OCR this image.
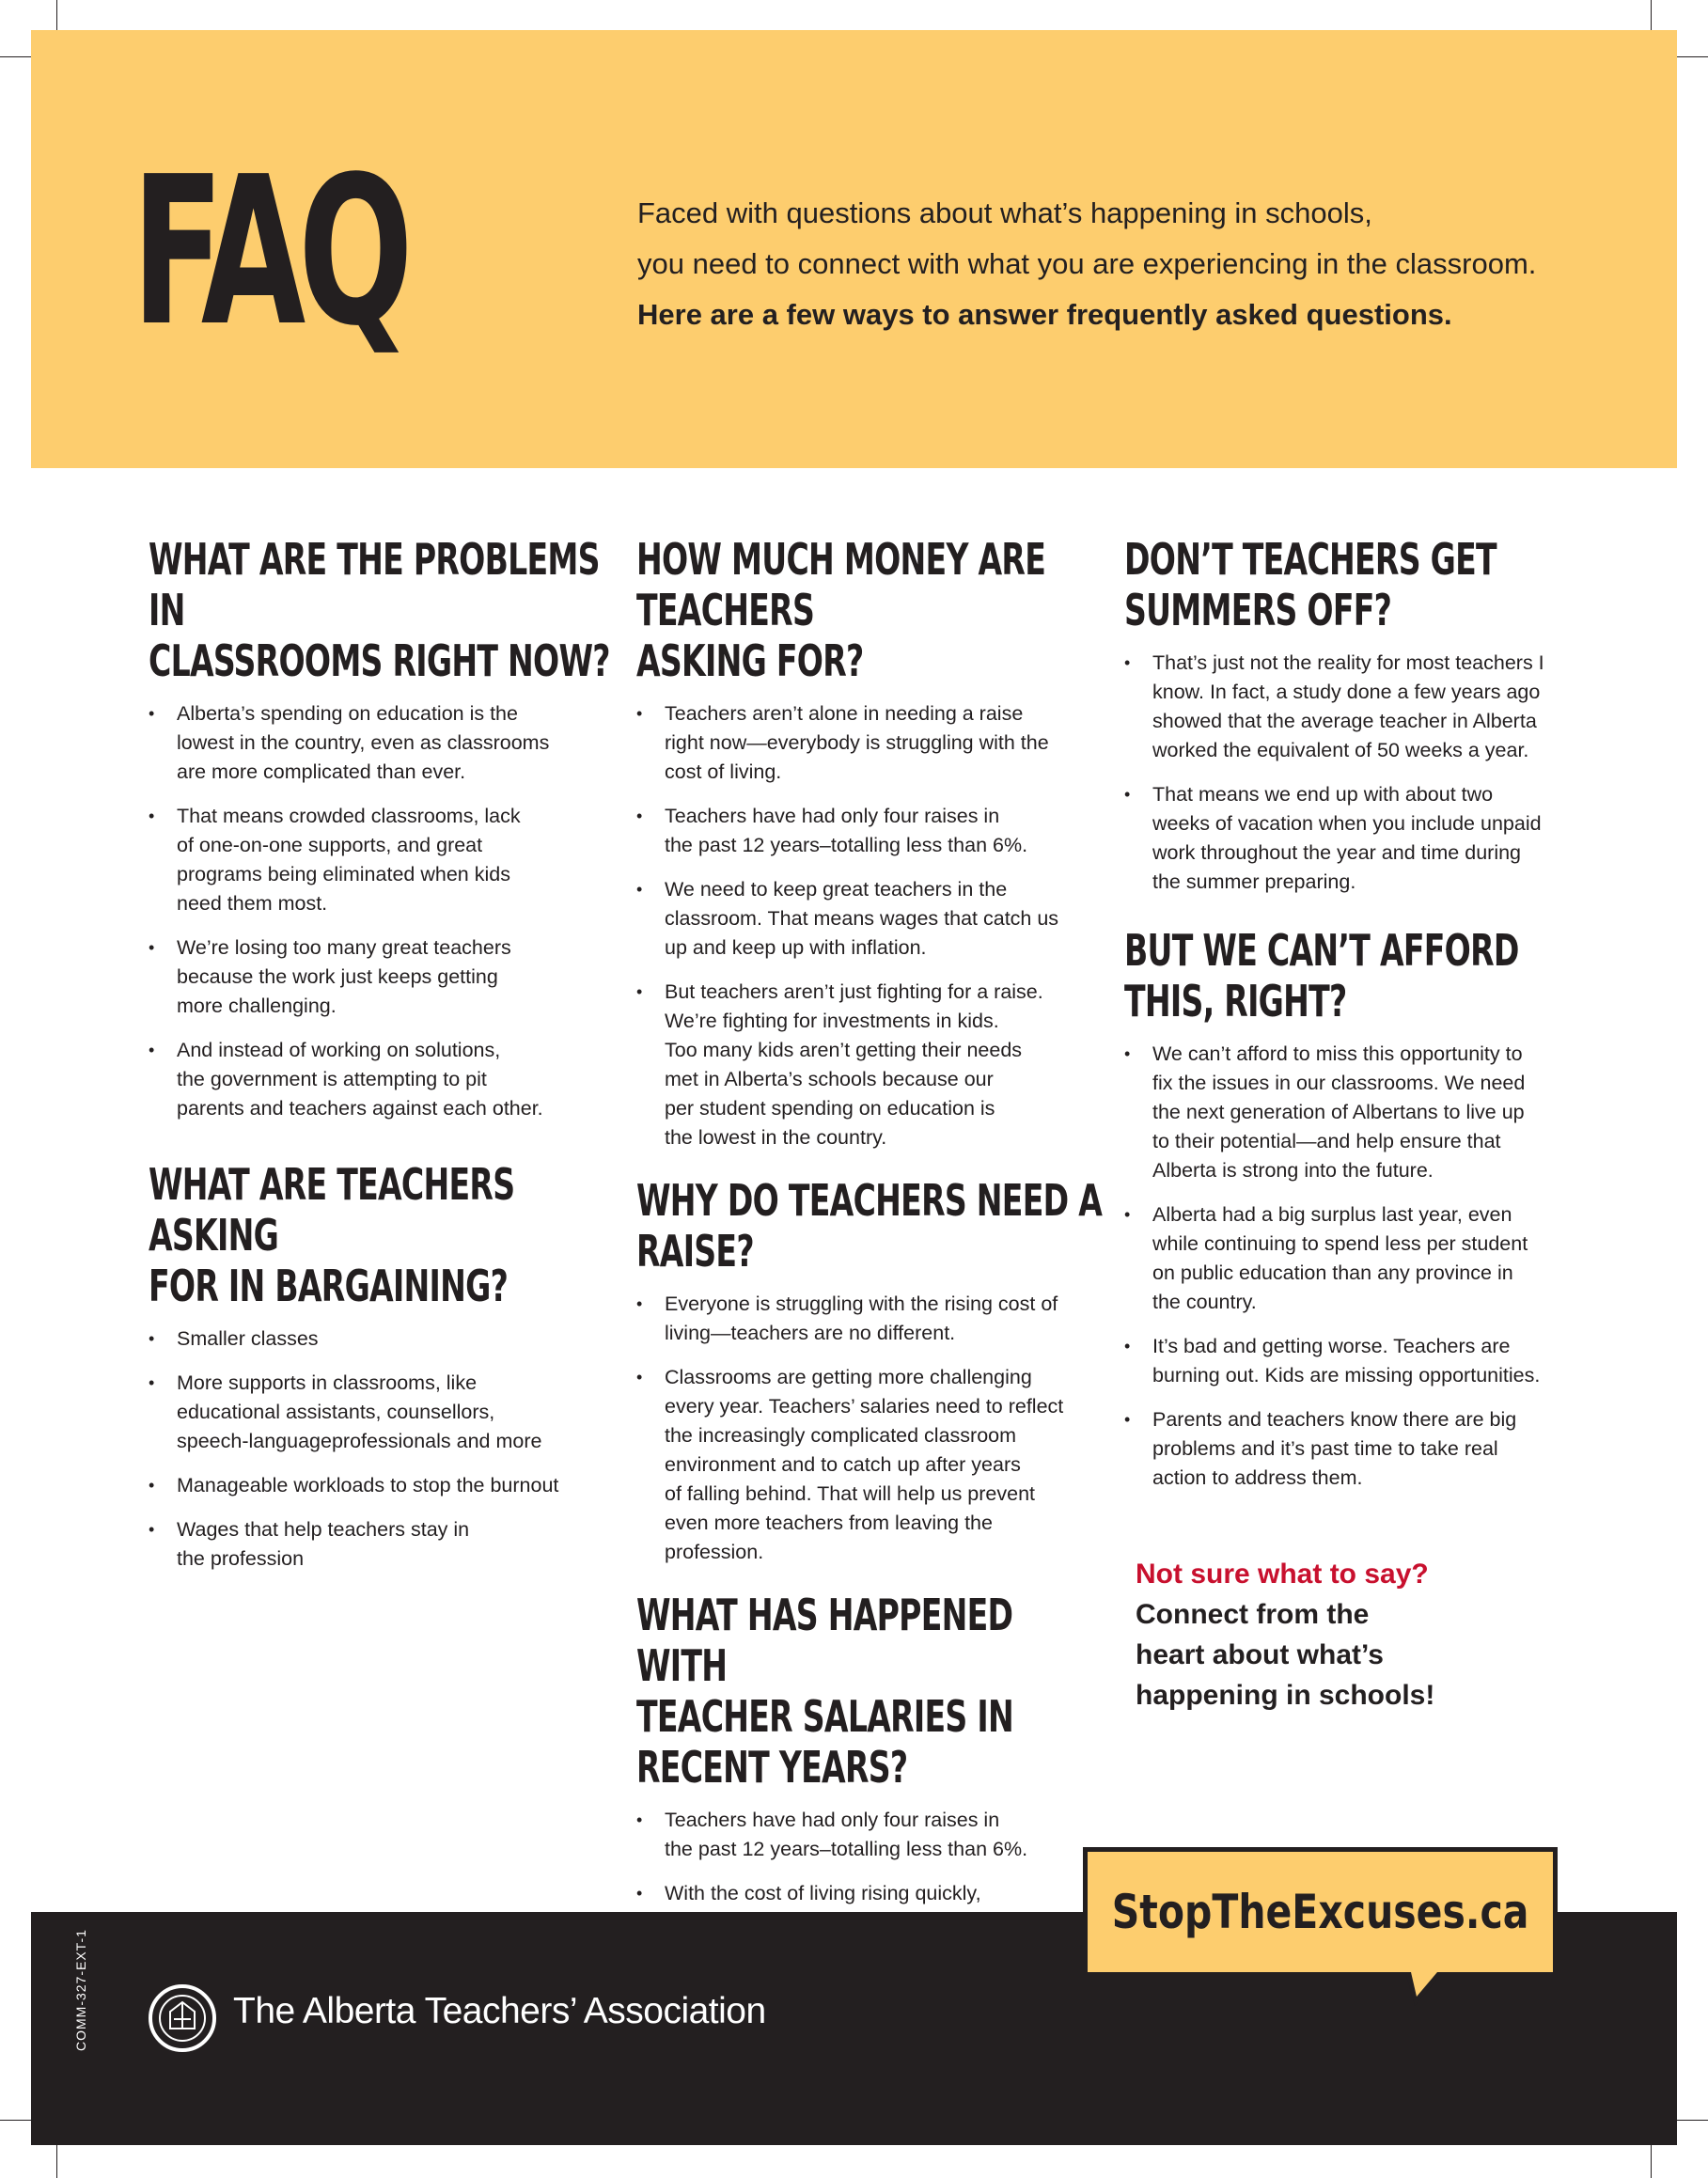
FAQ	Faced with questions about what’s happening in schools,
you need to connect with what you are experiencing in the classroom.
Here are a few ways to answer frequently asked questions.
WHAT ARE THE PROBLEMS IN
CLASSROOMS RIGHT NOW?
• Alberta’s spending on education is the
lowest in the country, even as classrooms
are more complicated than ever.
• That means crowded classrooms, lack
of one-on-one supports, and great
programs being eliminated when kids
need them most.
• We’re losing too many great teachers
because the work just keeps getting
more challenging.
• And instead of working on solutions,
the government is attempting to pit
parents and teachers against each other.
WHAT ARE TEACHERS ASKING
FOR IN BARGAINING?
• Smaller classes
• More supports in classrooms, like
educational assistants, counsellors,
speech-languageprofessionals and more
• Manageable workloads to stop the burnout
• Wages that help teachers stay in
the profession
HOW MUCH MONEY ARE TEACHERS
ASKING FOR?
• Teachers aren’t alone in needing a raise
right now—everybody is struggling with the
cost of living.
• Teachers have had only four raises in
the past 12 years–totalling less than 6%.
• We need to keep great teachers in the
classroom. That means wages that catch us
up and keep up with inflation.
• But teachers aren’t just fighting for a raise.
We’re fighting for investments in kids.
Too many kids aren’t getting their needs
met in Alberta’s schools because our
per student spending on education is
the lowest in the country.
WHY DO TEACHERS NEED A RAISE?
• Everyone is struggling with the rising cost of
living—teachers are no different.
• Classrooms are getting more challenging
every year. Teachers’ salaries need to reflect
the increasingly complicated classroom
environment and to catch up after years
of falling behind. That will help us prevent
even more teachers from leaving the
profession.
WHAT HAS HAPPENED WITH
TEACHER SALARIES IN
RECENT YEARS?
• Teachers have had only four raises in
the past 12 years–totalling less than 6%.
• With the cost of living rising quickly,
DON’T TEACHERS GET
SUMMERS OFF?
• That’s just not the reality for most teachers I
know. In fact, a study done a few years ago
showed that the average teacher in Alberta
worked the equivalent of 50 weeks a year.
• That means we end up with about two
weeks of vacation when you include unpaid
work throughout the year and time during
the summer preparing.
BUT WE CAN’T AFFORD THIS, RIGHT?
• We can’t afford to miss this opportunity to
fix the issues in our classrooms. We need
the next generation of Albertans to live up
to their potential—and help ensure that
Alberta is strong into the future.
• Alberta had a big surplus last year, even
while continuing to spend less per student
on public education than any province in
the country.
• It’s bad and getting worse. Teachers are
burning out. Kids are missing opportunities.
• Parents and teachers know there are big
problems and it’s past time to take real
action to address them.
Not sure what to say?
Connect from the
heart about what’s
happening in schools!
COMM-327-EXT-1	The Alberta Teachers’ Association
StopTheExcuses.ca
